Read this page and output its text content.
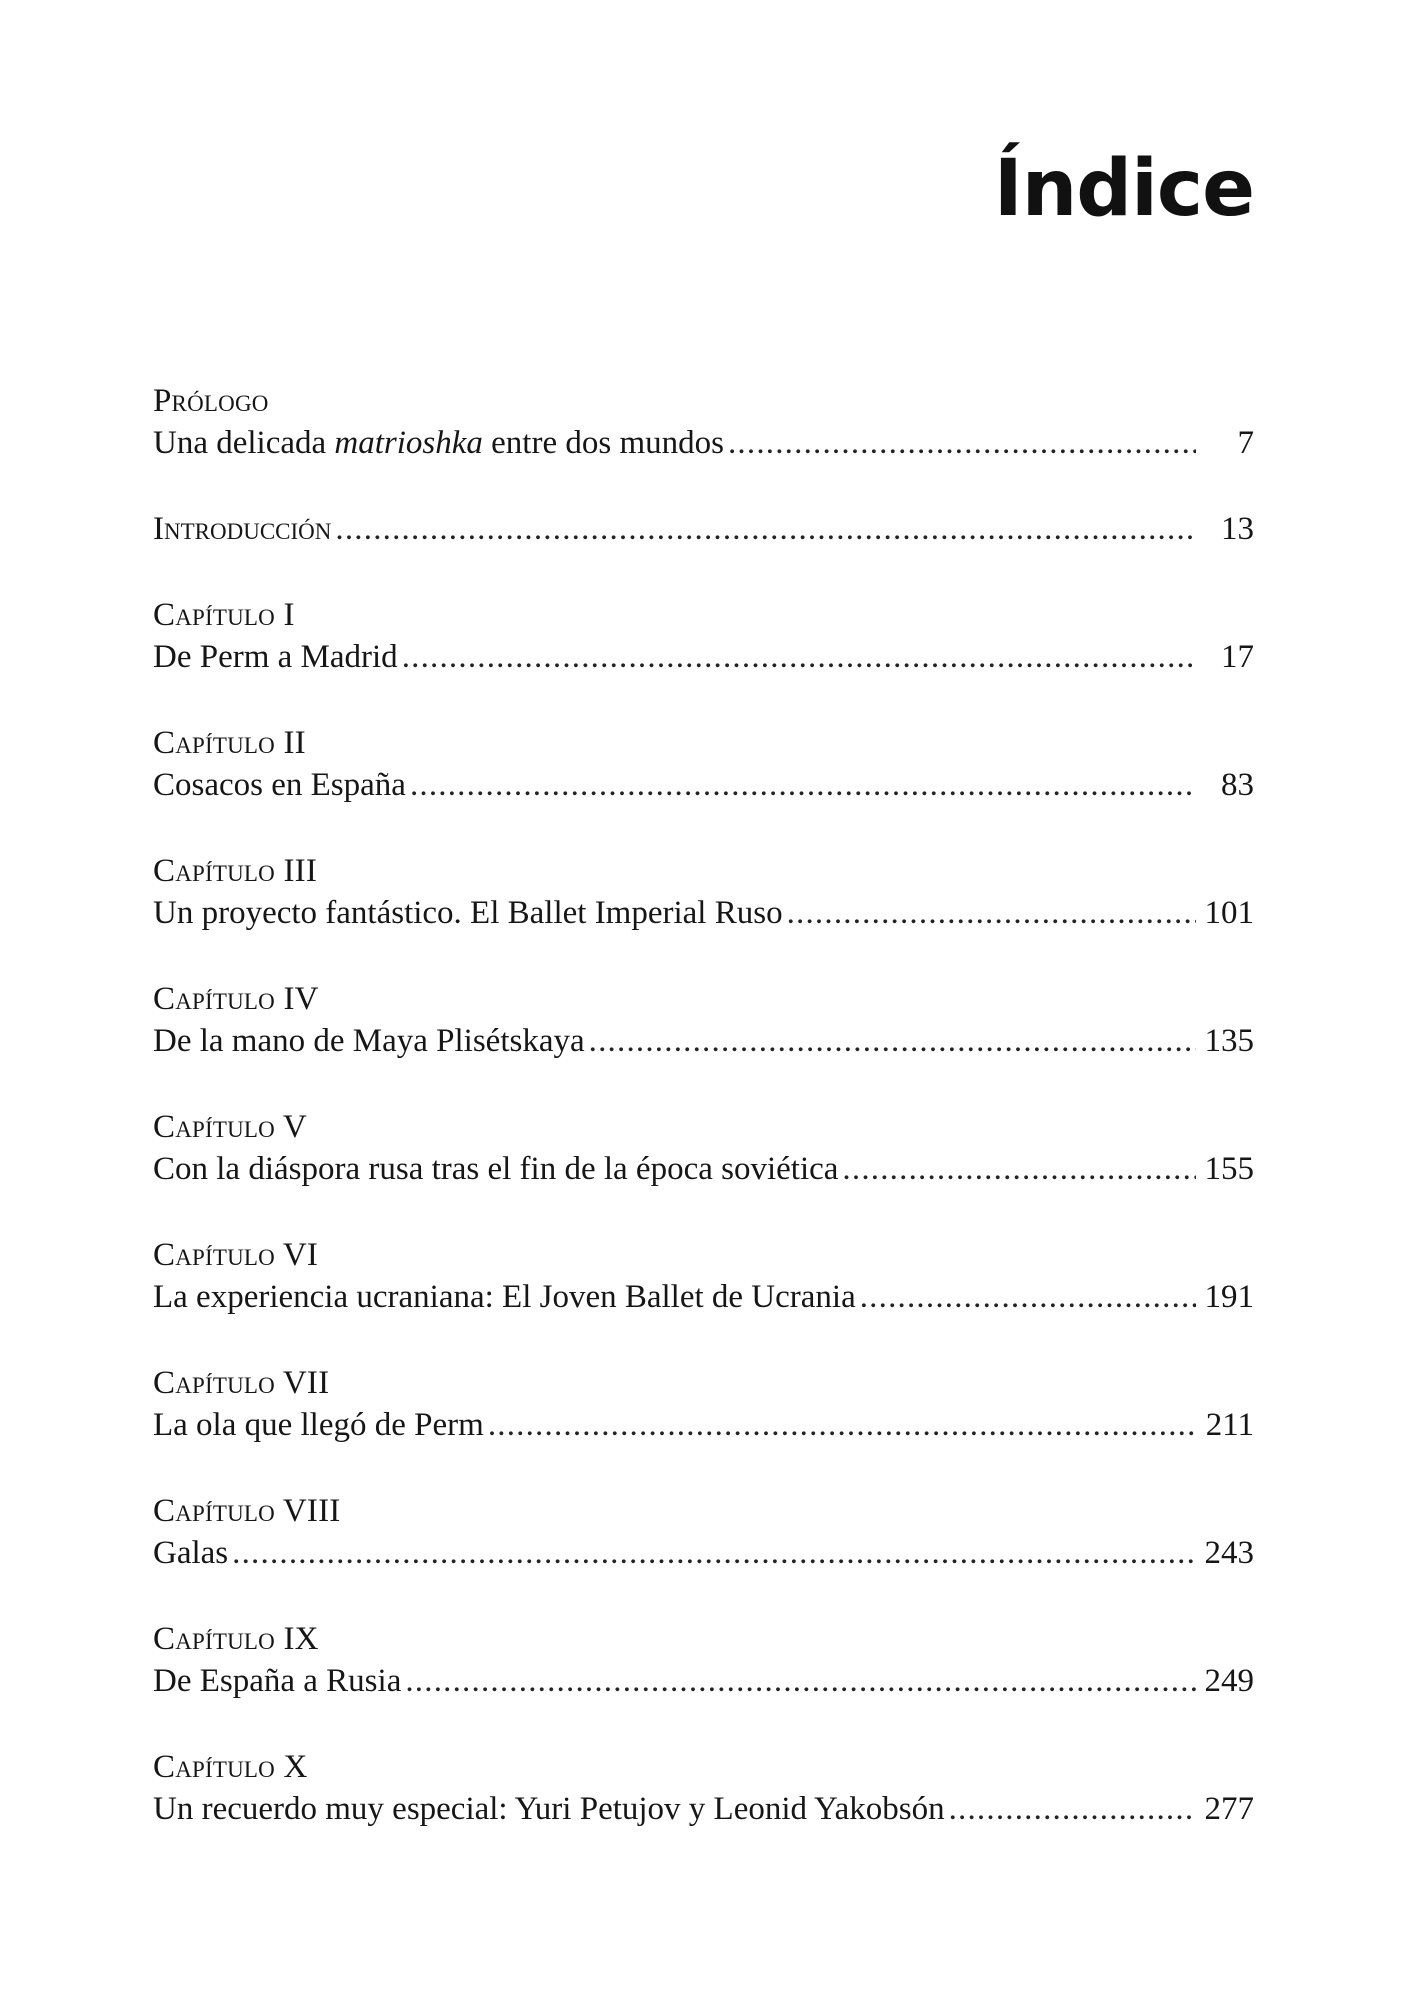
Índice
Prólogo
Una delicada matrioshka entre dos mundos .....	7
Introducción .....	13
Capítulo I
De Perm a Madrid .....	17
Capítulo II
Cosacos en España .....	83
Capítulo III
Un proyecto fantástico. El Ballet Imperial Ruso .....	101
Capítulo IV
De la mano de Maya Plisétskaya .....	135
Capítulo V
Con la diáspora rusa tras el fin de la época soviética .....	155
Capítulo VI
La experiencia ucraniana: El Joven Ballet de Ucrania .....	191
Capítulo VII
La ola que llegó de Perm .....	211
Capítulo VIII
Galas .....	243
Capítulo IX
De España a Rusia .....	249
Capítulo X
Un recuerdo muy especial: Yuri Petujov y Leonid Yakobsón .....	277
